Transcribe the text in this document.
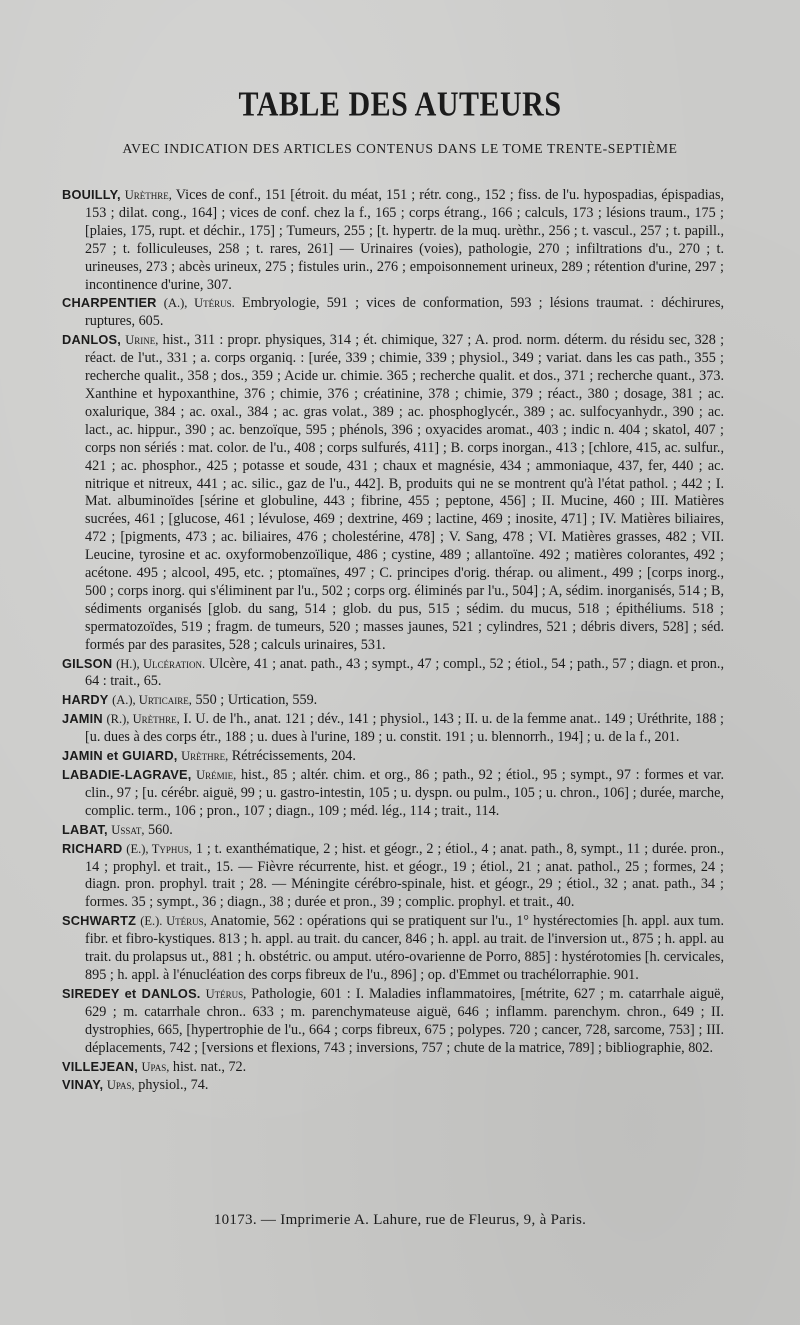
TABLE DES AUTEURS
AVEC INDICATION DES ARTICLES CONTENUS DANS LE TOME TRENTE-SEPTIÈME

BOUILLY, Urèthre, Vices de conf., 151 [étroit. du méat, 151 ; rétr. cong., 152 ; fiss. de l'u. hypospadias, épispadias, 153 ; dilat. cong., 164] ; vices de conf. chez la f., 165 ; corps étrang., 166 ; calculs, 173 ; lésions traum., 175 ; [plaies, 175, rupt. et déchir., 175] ; Tumeurs, 255 ; [t. hypertr. de la muq. urèthr., 256 ; t. vascul., 257 ; t. papill., 257 ; t. folliculeuses, 258 ; t. rares, 261] — Urinaires (voies), pathologie, 270 ; infiltrations d'u., 270 ; t. urineuses, 273 ; abcès urineux, 275 ; fistules urin., 276 ; empoisonnement urineux, 289 ; rétention d'urine, 297 ; incontinence d'urine, 307.

CHARPENTIER (A.), Utérus. Embryologie, 591 ; vices de conformation, 593 ; lésions traumat. : déchirures, ruptures, 605.

DANLOS, Urine, hist., 311 : propr. physiques, 314 ; ét. chimique, 327 ; A. prod. norm. déterm. du résidu sec, 328 ; réact. de l'ut., 331 ; a. corps organiq. : [urée, 339 ; chimie, 339 ; physiol., 349 ; variat. dans les cas path., 355 ; recherche qualit., 358 ; dos., 359 ; Acide ur. chimie. 365 ; recherche qualit. et dos., 371 ; recherche quant., 373. Xanthine et hypoxanthine, 376 ; chimie, 376 ; créatinine, 378 ; chimie, 379 ; réact., 380 ; dosage, 381 ; ac. oxalurique, 384 ; ac. oxal., 384 ; ac. gras volat., 389 ; ac. phosphoglycér., 389 ; ac. sulfocyanhydr., 390 ; ac. lact., ac. hippur., 390 ; ac. benzoïque, 595 ; phénols, 396 ; oxyacides aromat., 403 ; indic n. 404 ; skatol, 407 ; corps non sériés : mat. color. de l'u., 408 ; corps sulfurés, 411] ; B. corps inorgan., 413 ; [chlore, 415, ac. sulfur., 421 ; ac. phosphor., 425 ; potasse et soude, 431 ; chaux et magnésie, 434 ; ammoniaque, 437, fer, 440 ; ac. nitrique et nitreux, 441 ; ac. silic., gaz de l'u., 442]. B, produits qui ne se montrent qu'à l'état pathol. ; 442 ; I. Mat. albuminoïdes [sérine et globuline, 443 ; fibrine, 455 ; peptone, 456] ; II. Mucine, 460 ; III. Matières sucrées, 461 ; [glucose, 461 ; lévulose, 469 ; dextrine, 469 ; lactine, 469 ; inosite, 471] ; IV. Matières biliaires, 472 ; [pigments, 473 ; ac. biliaires, 476 ; cholestérine, 478] ; V. Sang, 478 ; VI. Matières grasses, 482 ; VII. Leucine, tyrosine et ac. oxyformobenzoïlique, 486 ; cystine, 489 ; allantoïne. 492 ; matières colorantes, 492 ; acétone. 495 ; alcool, 495, etc. ; ptomaïnes, 497 ; C. principes d'orig. thérap. ou aliment., 499 ; [corps inorg., 500 ; corps inorg. qui s'éliminent par l'u., 502 ; corps org. éliminés par l'u., 504] ; A, sédim. inorganisés, 514 ; B, sédiments organisés [glob. du sang, 514 ; glob. du pus, 515 ; sédim. du mucus, 518 ; épithéliums. 518 ; spermatozoïdes, 519 ; fragm. de tumeurs, 520 ; masses jaunes, 521 ; cylindres, 521 ; débris divers, 528] ; séd. formés par des parasites, 528 ; calculs urinaires, 531.

GILSON (H.), Ulcération. Ulcère, 41 ; anat. path., 43 ; sympt., 47 ; compl., 52 ; étiol., 54 ; path., 57 ; diagn. et pron., 64 : trait., 65.

HARDY (A.), Urticaire, 550 ; Urtication, 559.

JAMIN (R.), Urèthre, I. U. de l'h., anat. 121 ; dév., 141 ; physiol., 143 ; II. u. de la femme anat.. 149 ; Uréthrite, 188 ; [u. dues à des corps étr., 188 ; u. dues à l'urine, 189 ; u. constit. 191 ; u. blennorrh., 194] ; u. de la f., 201.

JAMIN et GUIARD, Urèthre, Rétrécissements, 204.

LABADIE-LAGRAVE, Urémie, hist., 85 ; altér. chim. et org., 86 ; path., 92 ; étiol., 95 ; sympt., 97 : formes et var. clin., 97 ; [u. cérébr. aiguë, 99 ; u. gastro-intestin, 105 ; u. dyspn. ou pulm., 105 ; u. chron., 106] ; durée, marche, complic. term., 106 ; pron., 107 ; diagn., 109 ; méd. lég., 114 ; trait., 114.

LABAT, Ussat, 560.

RICHARD (E.), Typhus, 1 ; t. exanthématique, 2 ; hist. et géogr., 2 ; étiol., 4 ; anat. path., 8, sympt., 11 ; durée. pron., 14 ; prophyl. et trait., 15. — Fièvre récurrente, hist. et géogr., 19 ; étiol., 21 ; anat. pathol., 25 ; formes, 24 ; diagn. pron. prophyl. trait ; 28. — Méningite cérébro-spinale, hist. et géogr., 29 ; étiol., 32 ; anat. path., 34 ; formes. 35 ; sympt., 36 ; diagn., 38 ; durée et pron., 39 ; complic. prophyl. et trait., 40.

SCHWARTZ (E.). Utérus, Anatomie, 562 : opérations qui se pratiquent sur l'u., 1° hystérectomies [h. appl. aux tum. fibr. et fibro-kystiques. 813 ; h. appl. au trait. du cancer, 846 ; h. appl. au trait. de l'inversion ut., 875 ; h. appl. au trait. du prolapsus ut., 881 ; h. obstétric. ou amput. utéro-ovarienne de Porro, 885] : hystérotomies [h. cervicales, 895 ; h. appl. à l'énucléation des corps fibreux de l'u., 896] ; op. d'Emmet ou trachélorraphie. 901.

SIREDEY et DANLOS. Utérus, Pathologie, 601 : I. Maladies inflammatoires, [métrite, 627 ; m. catarrhale aiguë, 629 ; m. catarrhale chron.. 633 ; m. parenchymateuse aiguë, 646 ; inflamm. parenchym. chron., 649 ; II. dystrophies, 665, [hypertrophie de l'u., 664 ; corps fibreux, 675 ; polypes. 720 ; cancer, 728, sarcome, 753] ; III. déplacements, 742 ; [versions et flexions, 743 ; inversions, 757 ; chute de la matrice, 789] ; bibliographie, 802.

VILLEJEAN, Upas, hist. nat., 72.

VINAY, Upas, physiol., 74.

10173. — Imprimerie A. Lahure, rue de Fleurus, 9, à Paris.
